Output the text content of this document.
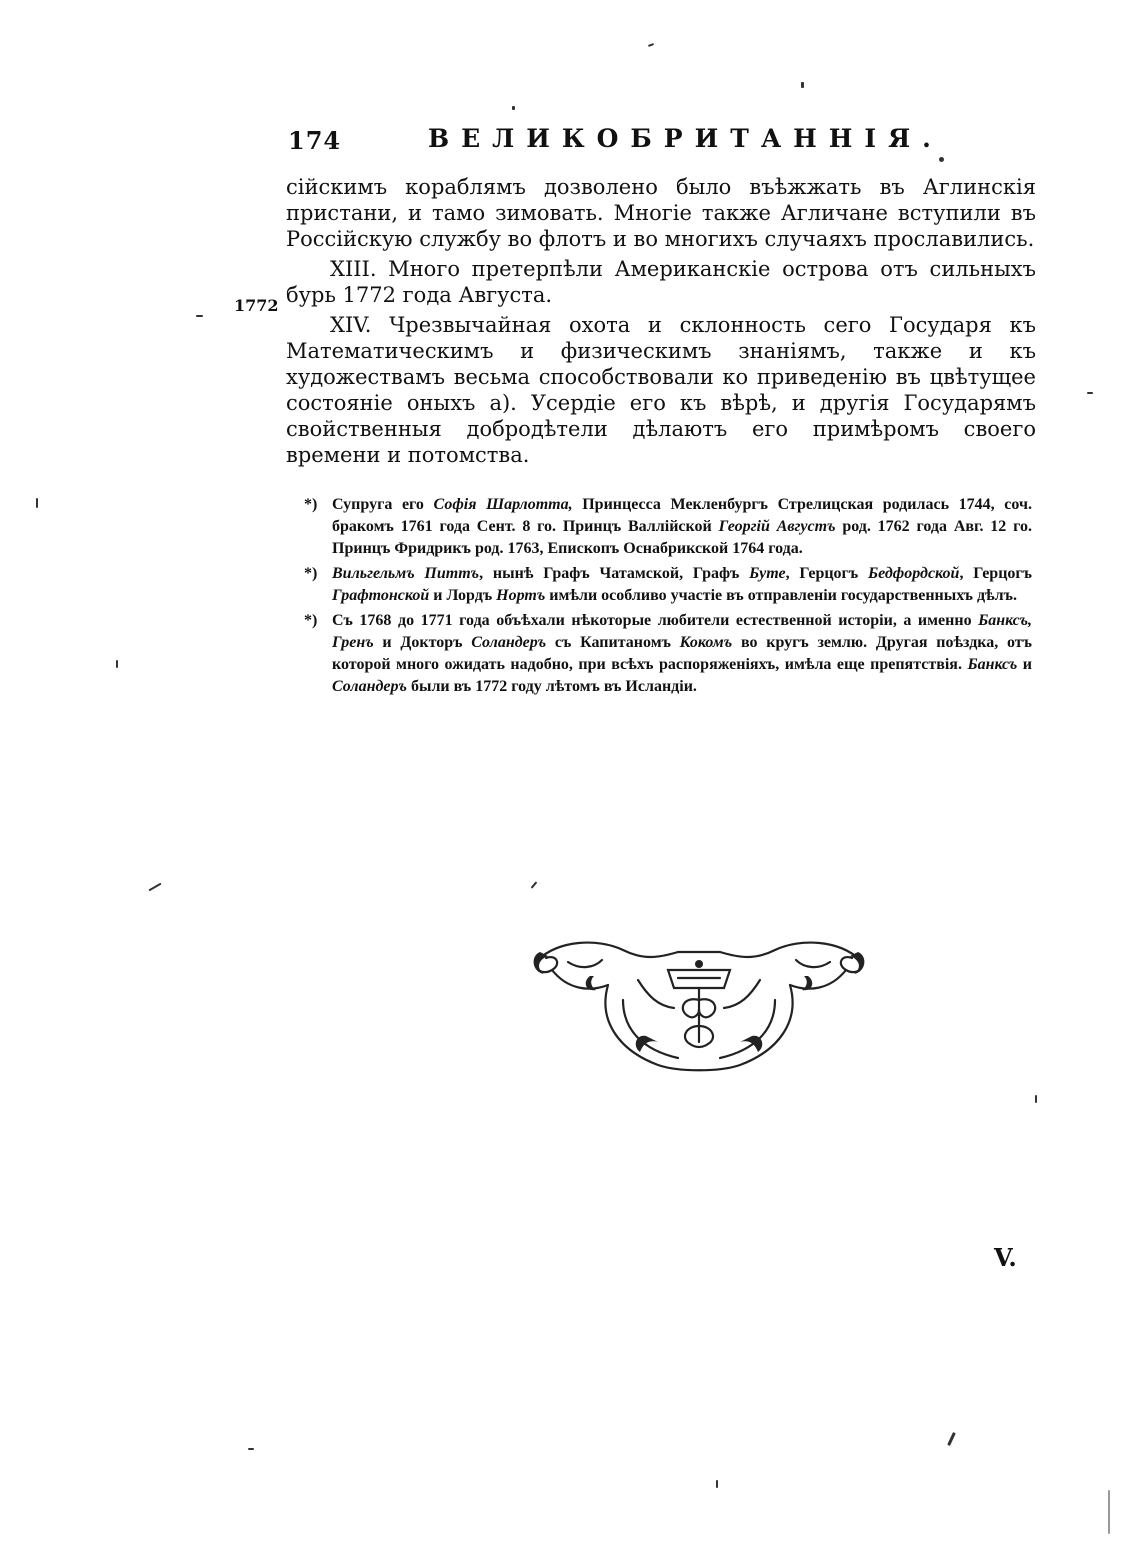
174	ВЕЛИКОБРИТАННІЯ.
1772

сійскимъ кораблямъ дозволено было въѣжжать въ Аглинскія пристани, и тамо зимовать. Многіе также Агличане вступили въ Россійскую службу во флотъ и во многихъ случаяхъ прославились.

XIII. Много претерпѣли Американскіе острова отъ сильныхъ бурь 1772 года Августа.

XIV. Чрезвычайная охота и склонность сего Государя къ Математическимъ и физическимъ знаніямъ, также и къ художествамъ весьма способствовали ко приведенію въ цвѣтущее состояніе оныхъ а). Усердіе его къ вѣрѣ, и другія Государямъ свойственныя добродѣтели дѣлаютъ его примѣромъ своего времени и потомства.

*) Супруга его Софія Шарлотта, Принцесса Мекленбургъ Стрелицская родилась 1744, соч. бракомъ 1761 года Сент. 8 го. Принцъ Валлійской Георгій Августъ род. 1762 года Авг. 12 го. Принцъ Фридрикъ род. 1763, Епископъ Оснабрикской 1764 года.

*) Вильгельмъ Питтъ, нынѣ Графъ Чатамской, Графъ Буте, Герцогъ Бедфордской, Герцогъ Графтонской и Лордъ Нортъ имѣли особливо участіе въ отправленіи государственныхъ дѣлъ.

*) Съ 1768 до 1771 года объѣхали нѣкоторые любители естественной исторіи, а именно Банксъ, Гренъ и Докторъ Соландеръ съ Капитаномъ Кокомъ во кругъ землю. Другая поѣздка, отъ которой много ожидать надобно, при всѣхъ распоряженіяхъ, имѣла еще препятствія. Банксъ и Соландеръ были въ 1772 году лѣтомъ въ Исландіи.

V.
